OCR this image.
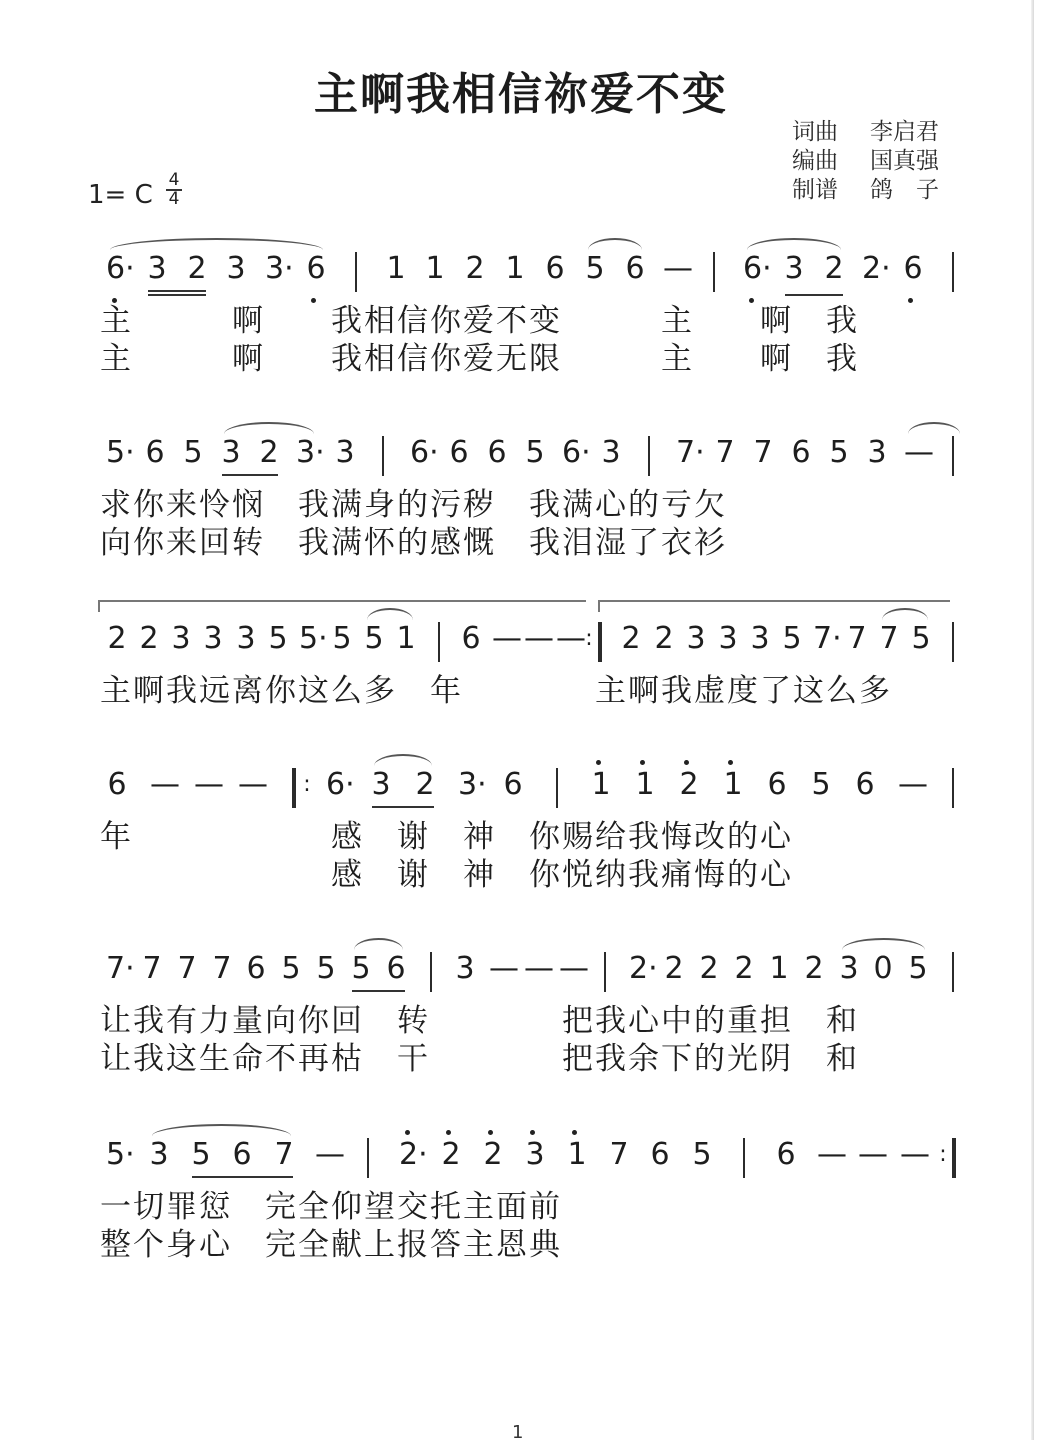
主啊我相信祢爱不变
词曲 李启君
编曲 国真强
制谱 鸽　子
1= C 4
4
6· 3 2 3 3· 6 1 1 2 1 6 5 6 — 6· 3 2 2· 6
主　　　啊　　我相信你爱不变　　　主　　啊　我
主　　　啊　　我相信你爱无限　　　主　　啊　我
5· 6 5 3 2 3· 3 6· 6 6 5 6· 3 7· 7 7 6 5 3 —
求你来怜悯　我满身的污秽　我满心的亏欠
向你来回转　我满怀的感慨　我泪湿了衣衫
2 2 3 3 3 5 5· 5 5 1 6 — — — : 2 2 3 3 3 5 7· 7 7 5
主啊我远离你这么多　年　　　　主啊我虚度了这么多
6 — — —	: 6· 3 2 3· 6 1 1 2 1 6 5 6 —
年　　　　　　感　谢　神　你赐给我悔改的心
　　　　　　　感　谢　神　你悦纳我痛悔的心
7· 7 7 7 6 5 5 5 6 3 — — — 2· 2 2 2 1 2 3 0 5
让我有力量向你回　转　　　　把我心中的重担　和
让我这生命不再枯　干　　　　把我余下的光阴　和
5· 3 5 6 7 — 2· 2 2 3 1 7 6 5 6 — — — :
一切罪愆　完全仰望交托主面前
整个身心　完全献上报答主恩典
1
